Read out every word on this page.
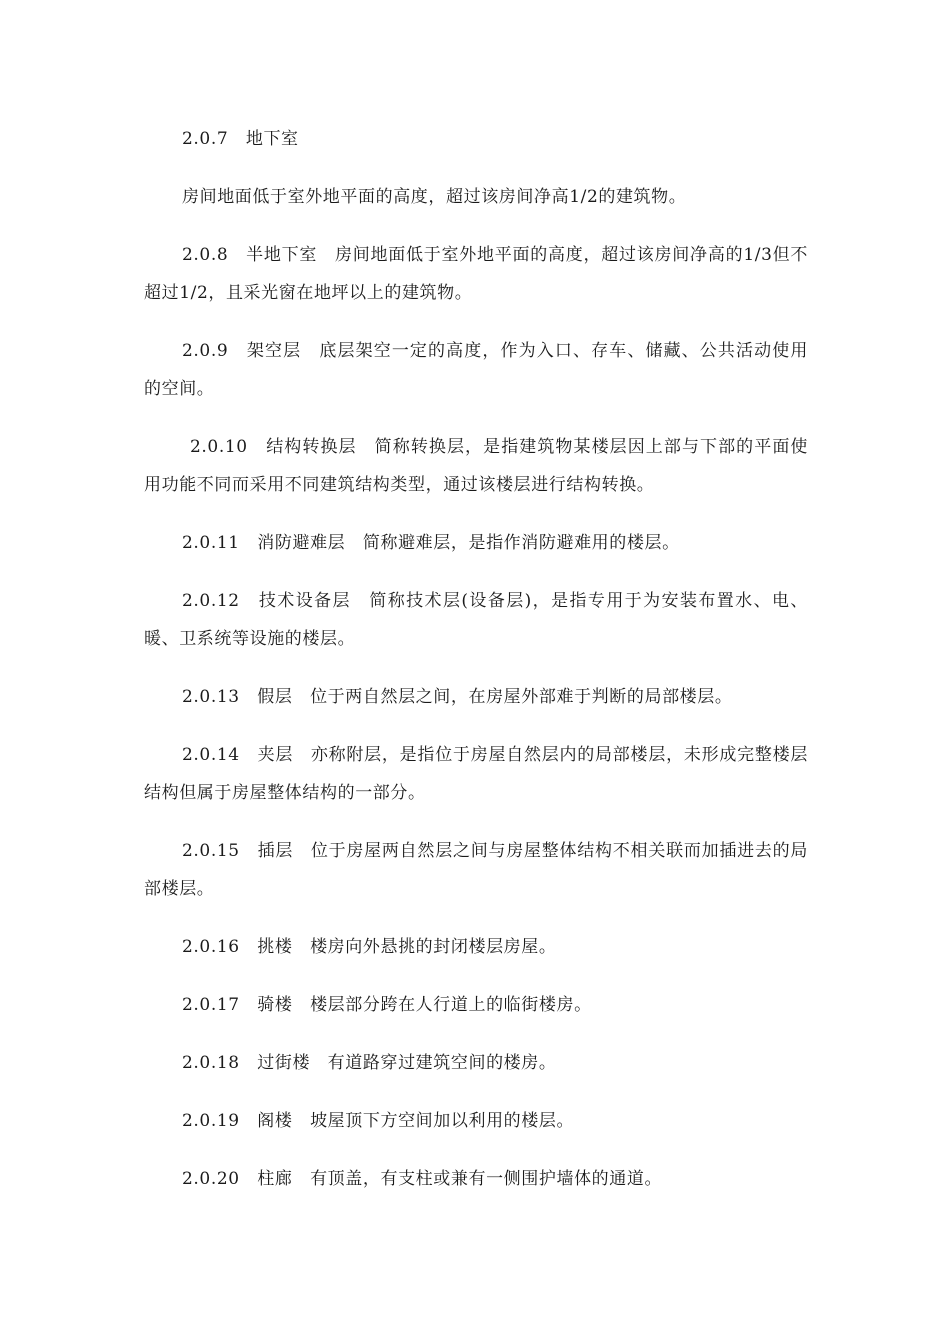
2.0.7　地下室

房间地面低于室外地平面的高度，超过该房间净高1/2的建筑物。

2.0.8　半地下室　房间地面低于室外地平面的高度，超过该房间净高的1/3但不超过1/2，且采光窗在地坪以上的建筑物。

2.0.9　架空层　底层架空一定的高度，作为入口、存车、储藏、公共活动使用的空间。

2.0.10　结构转换层　简称转换层，是指建筑物某楼层因上部与下部的平面使用功能不同而采用不同建筑结构类型，通过该楼层进行结构转换。

2.0.11　消防避难层　简称避难层，是指作消防避难用的楼层。

2.0.12　技术设备层　简称技术层(设备层)，是指专用于为安装布置水、电、暖、卫系统等设施的楼层。

2.0.13　假层　位于两自然层之间，在房屋外部难于判断的局部楼层。

2.0.14　夹层　亦称附层，是指位于房屋自然层内的局部楼层，未形成完整楼层结构但属于房屋整体结构的一部分。

2.0.15　插层　位于房屋两自然层之间与房屋整体结构不相关联而加插进去的局部楼层。

2.0.16　挑楼　楼房向外悬挑的封闭楼层房屋。

2.0.17　骑楼　楼层部分跨在人行道上的临街楼房。

2.0.18　过街楼　有道路穿过建筑空间的楼房。

2.0.19　阁楼　坡屋顶下方空间加以利用的楼层。

2.0.20　柱廊　有顶盖，有支柱或兼有一侧围护墙体的通道。
